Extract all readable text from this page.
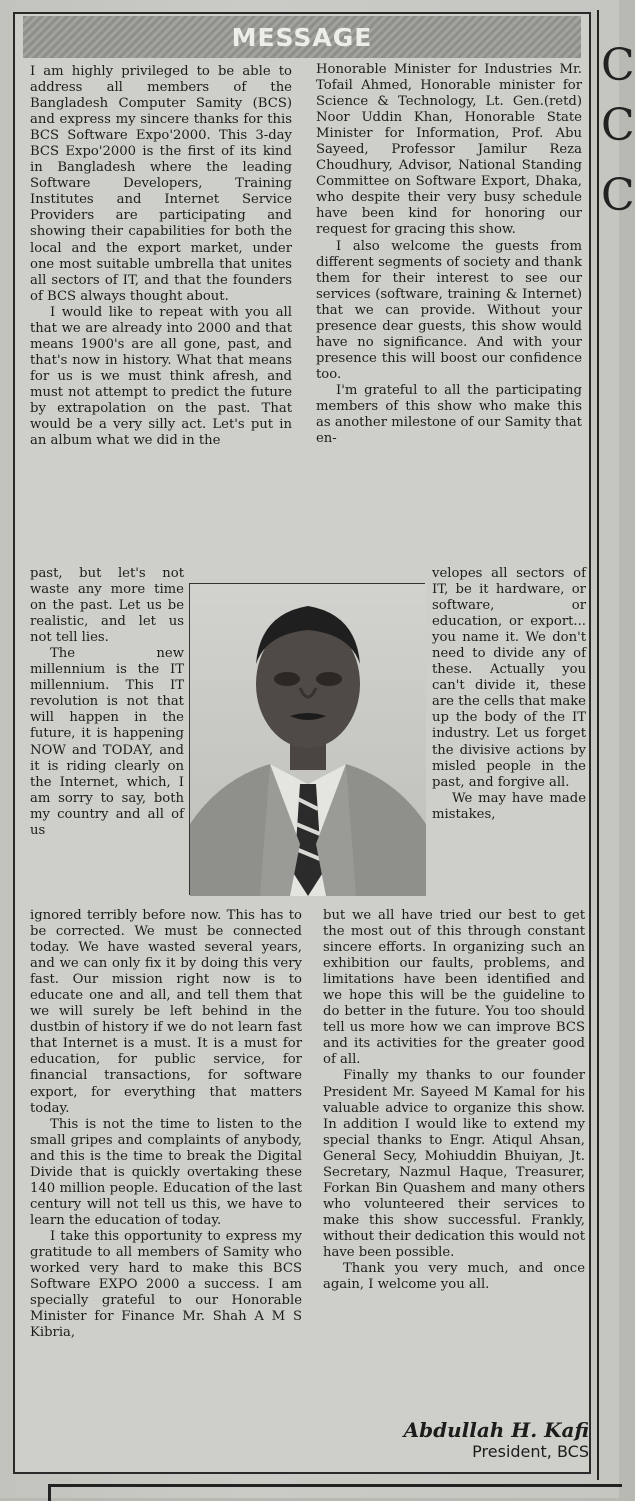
MESSAGE

I am highly privileged to be able to address all members of the Bangladesh Computer Samity (BCS) and express my sincere thanks for this BCS Software Expo'2000. This 3-day BCS Expo'2000 is the first of its kind in Bangladesh where the leading Software Developers, Training Institutes and Internet Service Providers are participating and showing their capabilities for both the local and the export market, under one most suitable umbrella that unites all sectors of IT, and that the founders of BCS always thought about.

I would like to repeat with you all that we are already into 2000 and that means 1900's are all gone, past, and that's now in history. What that means for us is we must think afresh, and must not attempt to predict the future by extrapolation on the past. That would be a very silly act. Let's put in an album what we did in the

Honorable Minister for Industries Mr. Tofail Ahmed, Honorable minister for Science & Technology, Lt. Gen.(retd) Noor Uddin Khan, Honorable State Minister for Information, Prof. Abu Sayeed, Professor Jamilur Reza Choudhury, Advisor, National Standing Committee on Software Export, Dhaka, who despite their very busy schedule have been kind for honoring our request for gracing this show.

I also welcome the guests from different segments of society and thank them for their interest to see our services (software, training & Internet) that we can provide. Without your presence dear guests, this show would have no significance. And with your presence this will boost our confidence too.

I'm grateful to all the participating members of this show who make this as another milestone of our Samity that en-

past, but let's not waste any more time on the past. Let us be realistic, and let us not tell lies.

The new millennium is the IT millennium. This IT revolution is not that will happen in the future, it is happening NOW and TODAY, and it is riding clearly on the Internet, which, I am sorry to say, both my country and all of us

velopes all sectors of IT, be it hardware, or software, or education, or export... you name it. We don't need to divide any of these. Actually you can't divide it, these are the cells that make up the body of the IT industry. Let us forget the divisive actions by misled people in the past, and forgive all.

We may have made mistakes,

ignored terribly before now. This has to be corrected. We must be connected today. We have wasted several years, and we can only fix it by doing this very fast. Our mission right now is to educate one and all, and tell them that we will surely be left behind in the dustbin of history if we do not learn fast that Internet is a must. It is a must for education, for public service, for financial transactions, for software export, for everything that matters today.

This is not the time to listen to the small gripes and complaints of anybody, and this is the time to break the Digital Divide that is quickly overtaking these 140 million people. Education of the last century will not tell us this, we have to learn the education of today.

I take this opportunity to express my gratitude to all members of Samity who worked very hard to make this BCS Software EXPO 2000 a success. I am specially grateful to our Honorable Minister for Finance Mr. Shah A M S Kibria,

but we all have tried our best to get the most out of this through constant sincere efforts. In organizing such an exhibition our faults, problems, and limitations have been identified and we hope this will be the guideline to do better in the future. You too should tell us more how we can improve BCS and its activities for the greater good of all.

Finally my thanks to our founder President Mr. Sayeed M Kamal for his valuable advice to organize this show. In addition I would like to extend my special thanks to Engr. Atiqul Ahsan, General Secy, Mohiuddin Bhuiyan, Jt. Secretary, Nazmul Haque, Treasurer, Forkan Bin Quashem and many others who volunteered their services to make this show successful. Frankly, without their dedication this would not have been possible.

Thank you very much, and once again, I welcome you all.

Abdullah H. Kafi
President, BCS
C
C
C
